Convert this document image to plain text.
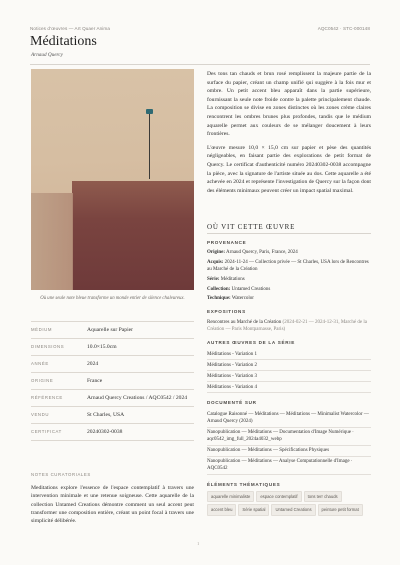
Notices d’œuvres — Art Quaer Anima	AQC0542 · STC-000148
Méditations
Arnaud Quercy
Où une seule note bleue transforme un monde entier de silence chaleureux.
MÉDIUM	Aquarelle sur Papier
DIMENSIONS	10.0×15.0cm
ANNÉE	2024
ORIGINE	France
RÉFÉRENCE	Arnaud Quercy Creations / AQC0542 / 2024
VENDU	St Charles, USA
CERTIFICAT	20240302-0038
NOTES CURATORIALES
Meditations explore l'essence de l'espace contemplatif à travers une intervention minimale et une retenue soigneuse. Cette aquarelle de la collection Untamed Creations démontre comment un seul accent peut transformer une composition entière, créant un point focal à travers une simplicité délibérée.

Des tons tan chauds et brun rosé remplissent la majeure partie de la surface du papier, créant un champ unifié qui suggère à la fois mur et ombre. Un petit accent bleu apparaît dans la partie supérieure, fournissant la seule note froide contre la palette principalement chaude. La composition se divise en zones distinctes où les zones crème claires rencontrent les ombres brunes plus profondes, tandis que le médium aquarelle permet aux couleurs de se mélanger doucement à leurs frontières.

L'œuvre mesure 10,0 × 15,0 cm sur papier et pèse des quantités négligeables, en faisant partie des explorations de petit format de Quercy. Le certificat d'authenticité numéro 20240302-0038 accompagne la pièce, avec la signature de l'artiste située au dos. Cette aquarelle a été achevée en 2024 et représente l'investigation de Quercy sur la façon dont des éléments minimaux peuvent créer un impact spatial maximal.

OÙ VIT CETTE ŒUVRE
PROVENANCE
Origine: Arnaud Quercy, Paris, France, 2024
Acquis: 2024-11-24 — Collection privée — St Charles, USA lors de Rencontres au Marché de la Création
Série: Méditations
Collection: Untamed Creations
Technique: Watercolor
EXPOSITIONS
Rencontres au Marché de la Création (2024-02-21 — 2024-12-31, Marché de la Création — Paris Montparnasse, Paris)
AUTRES ŒUVRES DE LA SÉRIE
Méditations - Variation 1
Méditations - Variation 2
Méditations - Variation 3
Méditations - Variation 4
DOCUMENTÉ SUR
Catalogue Raisonné — Méditations — Méditations — Minimalist Watercolor — Arnaud Quercy (2024)
Nanopublication — Méditations — Documentation d'Image Numérique · aqc0542_img_full_2024a4032_webp
Nanopublication — Méditations — Spécifications Physiques
Nanopublication — Méditations — Analyse Computationnelle d'Image · AQC0542
ÉLÉMENTS THÉMATIQUES
aquarelle minimaliste	espace contemplatif	tons terr chauds
accent bleu	Série spatial	Untamed Creations	peinture petit format
1
